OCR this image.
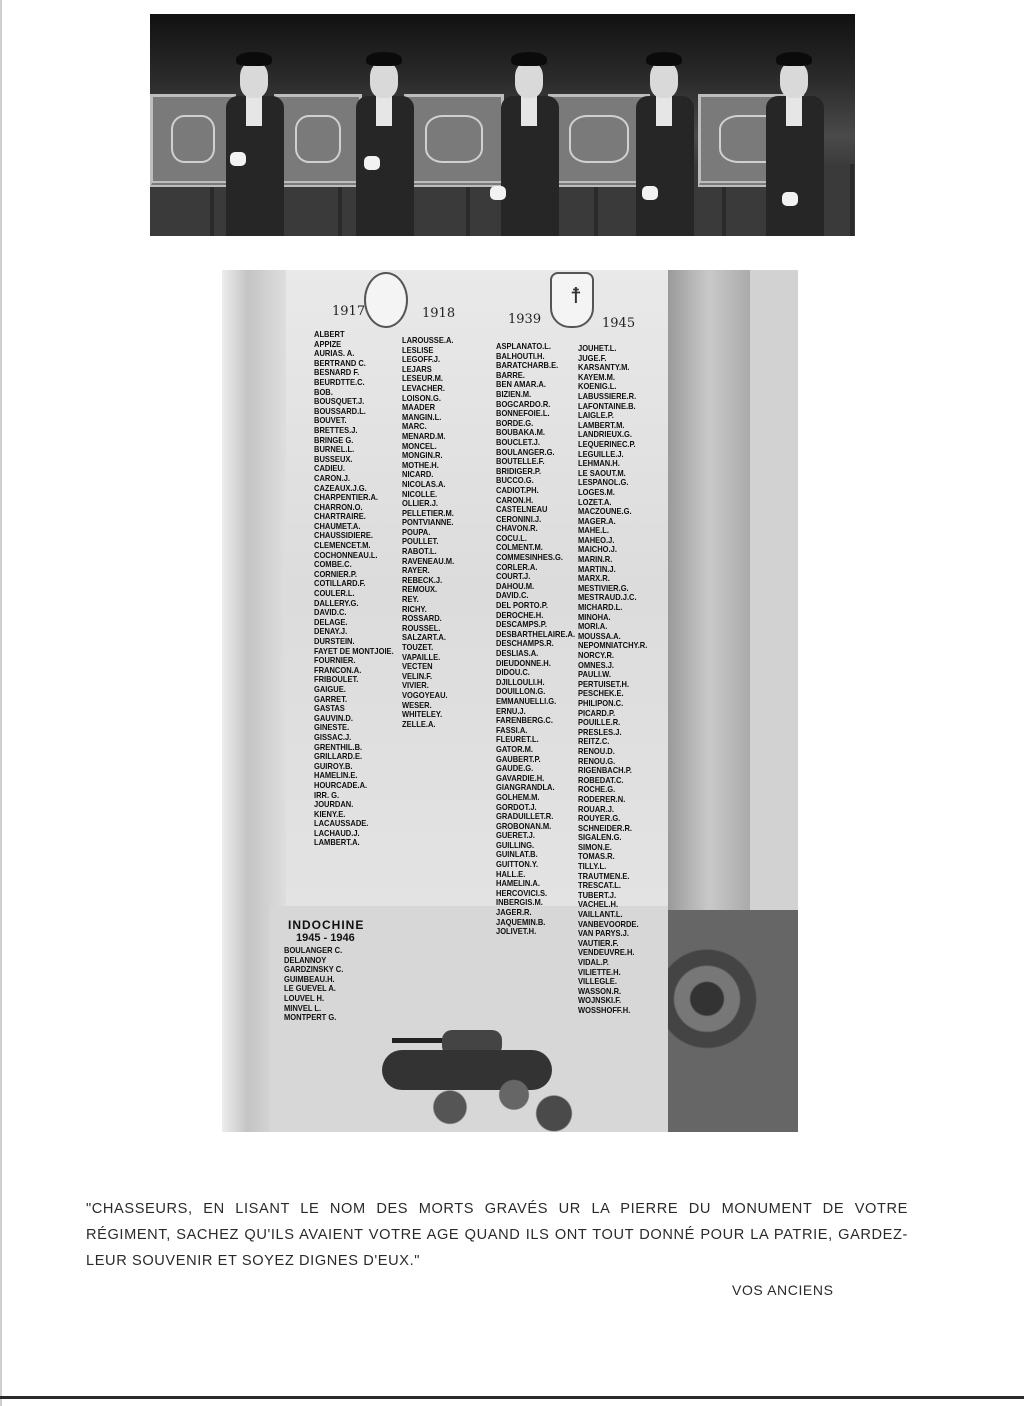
☨
1917	1918	1939	1945
ALBERT
APPIZE
AURIAS. A.
BERTRAND C.
BESNARD F.
BEURDTTE.C.
BOB.
BOUSQUET.J.
BOUSSARD.L.
BOUVET.
BRETTES.J.
BRINGE G.
BURNEL.L.
BUSSEUX.
CADIEU.
CARON.J.
CAZEAUX.J.G.
CHARPENTIER.A.
CHARRON.O.
CHARTRAIRE.
CHAUMET.A.
CHAUSSIDIERE.
CLEMENCET.M.
COCHONNEAU.L.
COMBE.C.
CORNIER.P.
COTILLARD.F.
COULER.L.
DALLERY.G.
DAVID.C.
DELAGE.
DENAY.J.
DURSTEIN.
FAYET DE MONTJOIE.
FOURNIER.
FRANCON.A.
FRIBOULET.
GAIGUE.
GARRET.
GASTAS
GAUVIN.D.
GINESTE.
GISSAC.J.
GRENTHIL.B.
GRILLARD.E.
GUIROY.B.
HAMELIN.E.
HOURCADE.A.
IRR. G.
JOURDAN.
KIENY.E.
LACAUSSADE.
LACHAUD.J.
LAMBERT.A.
LAROUSSE.A.
LESLISE
LEGOFF.J.
LEJARS
LESEUR.M.
LEVACHER.
LOISON.G.
MAADER
MANGIN.L.
MARC.
MENARD.M.
MONCEL.
MONGIN.R.
MOTHE.H.
NICARD.
NICOLAS.A.
NICOLLE.
OLLIER.J.
PELLETIER.M.
PONTVIANNE.
POUPA.
POULLET.
RABOT.L.
RAVENEAU.M.
RAYER.
REBECK.J.
REMOUX.
REY.
RICHY.
ROSSARD.
ROUSSEL.
SALZART.A.
TOUZET.
VAPAILLE.
VECTEN
VELIN.F.
VIVIER.
VOGOYEAU.
WESER.
WHITELEY.
ZELLE.A.
ASPLANATO.L.
BALHOUTI.H.
BARATCHARB.E.
BARRE.
BEN AMAR.A.
BIZIEN.M.
BOGCARDO.R.
BONNEFOIE.L.
BORDE.G.
BOUBAKA.M.
BOUCLET.J.
BOULANGER.G.
BOUTELLE.F.
BRIDIGER.P.
BUCCO.G.
CADIOT.PH.
CARON.H.
CASTELNEAU
CERONINI.J.
CHAVON.R.
COCU.L.
COLMENT.M.
COMMESINHES.G.
CORLER.A.
COURT.J.
DAHOU.M.
DAVID.C.
DEL PORTO.P.
DEROCHE.H.
DESCAMPS.P.
DESBARTHELAIRE.A.
DESCHAMPS.R.
DESLIAS.A.
DIEUDONNE.H.
DIDOU.C.
DJILLOULI.H.
DOUILLON.G.
EMMANUELLI.G.
ERNU.J.
FARENBERG.C.
FASSI.A.
FLEURET.L.
GATOR.M.
GAUBERT.P.
GAUDE.G.
GAVARDIE.H.
GIANGRANDLA.
GOLHEM.M.
GORDOT.J.
GRADUILLET.R.
GROBONAN.M.
GUERET.J.
GUILLING.
GUINLAT.B.
GUITTON.Y.
HALL.E.
HAMELIN.A.
HERCOVICI.S.
INBERGIS.M.
JAGER.R.
JAQUEMIN.B.
JOLIVET.H.
JOUHET.L.
JUGE.F.
KARSANTY.M.
KAYEM.M.
KOENIG.L.
LABUSSIERE.R.
LAFONTAINE.B.
LAIGLE.P.
LAMBERT.M.
LANDRIEUX.G.
LEQUERINEC.P.
LEGUILLE.J.
LEHMAN.H.
LE SAOUT.M.
LESPANOL.G.
LOGES.M.
LOZET.A.
MACZOUNE.G.
MAGER.A.
MAHE.L.
MAHEO.J.
MAICHO.J.
MARIN.R.
MARTIN.J.
MARX.R.
MESTIVIER.G.
MESTRAUD.J.C.
MICHARD.L.
MINOHA.
MORI.A.
MOUSSA.A.
NEPOMNIATCHY.R.
NORCY.R.
OMNES.J.
PAULI.W.
PERTUISET.H.
PESCHEK.E.
PHILIPON.C.
PICARD.P.
POUILLE.R.
PRESLES.J.
REITZ.C.
RENOU.D.
RENOU.G.
RIGENBACH.P.
ROBEDAT.C.
ROCHE.G.
RODERER.N.
ROUAR.J.
ROUYER.G.
SCHNEIDER.R.
SIGALEN.G.
SIMON.E.
TOMAS.R.
TILLY.L.
TRAUTMEN.E.
TRESCAT.L.
TUBERT.J.
VACHEL.H.
VAILLANT.L.
VANBEVOORDE.
VAN PARYS.J.
VAUTIER.F.
VENDEUVRE.H.
VIDAL.P.
VILIETTE.H.
VILLEGLE.
WASSON.R.
WOJNSKI.F.
WOSSHOFF.H.
BOULANGER C.
DELANNOY
GARDZINSKY C.
GUIMBEAU.H.
LE GUEVEL A.
LOUVEL H.
MINVEL L.
MONTPERT G.
INDOCHINE
1945 - 1946
"CHASSEURS, EN LISANT LE NOM DES MORTS GRAVÉS UR LA PIERRE DU MONUMENT DE VOTRE RÉGIMENT, SACHEZ QU'ILS AVAIENT VOTRE AGE QUAND ILS ONT TOUT DONNÉ POUR LA PATRIE, GARDEZ-LEUR SOUVENIR ET SOYEZ DIGNES D'EUX."
VOS ANCIENS
